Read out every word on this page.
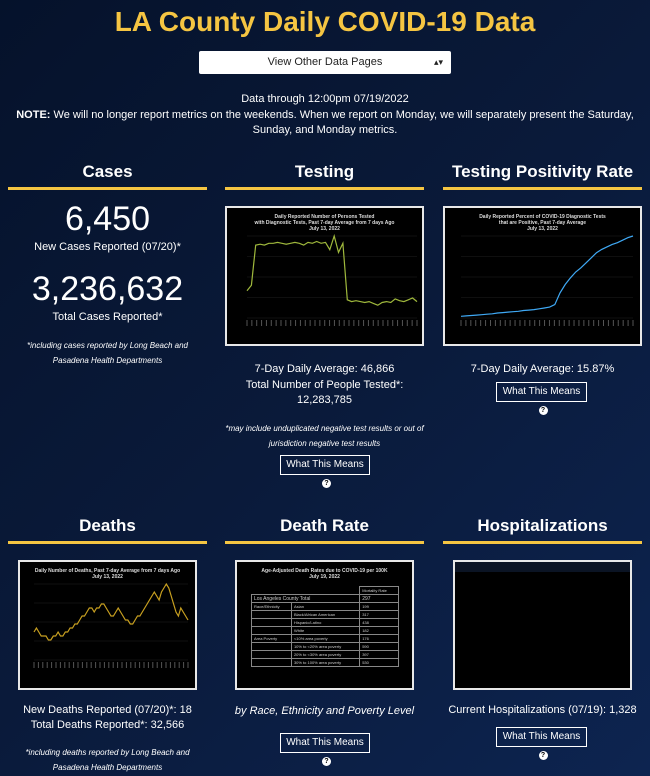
LA County Daily COVID-19 Data
View Other Data Pages	▴▾
Data through 12:00pm 07/19/2022
NOTE: We will no longer report metrics on the weekends. When we report on Monday, we will separately present the Saturday, Sunday, and Monday metrics.
Cases
6,450
New Cases Reported (07/20)*
3,236,632
Total Cases Reported*
*including cases reported by Long Beach and Pasadena Health Departments
Testing
Daily Reported Number of Persons Tested
with Diagnostic Tests, Past 7-day Average from 7 days Ago
July 13, 2022
7-Day Daily Average: 46,866
Total Number of People Tested*:
12,283,785
*may include unduplicated negative test results or out of jurisdiction negative test results
What This Means?
Testing Positivity Rate
Daily Reported Percent of COVID-19 Diagnostic Tests
that are Positive, Past 7-day Average
July 13, 2022
7-Day Daily Average: 15.87%
What This Means?
Deaths
Daily Number of Deaths, Past 7-day Average from 7 days Ago
July 13, 2022
New Deaths Reported (07/20)*: 18
Total Deaths Reported*: 32,566
*including deaths reported by Long Beach and Pasadena Health Departments
Death Rate
Age-Adjusted Death Rates due to COVID-19 per 100K
July 19, 2022
		Mortality Rate
Los Angeles County Total		297
Race/Ethnicity	Asian	199
	Black/African American	317
	Hispanic/Latino	438
	White	182
Area Poverty	<10% area poverty	176
	10% to <20% area poverty	590
	20% to <30% area poverty	397
	30% to 100% area poverty	530
by Race, Ethnicity and Poverty Level
What This Means?
Hospitalizations
Current Hospitalizations (07/19): 1,328
What This Means?
